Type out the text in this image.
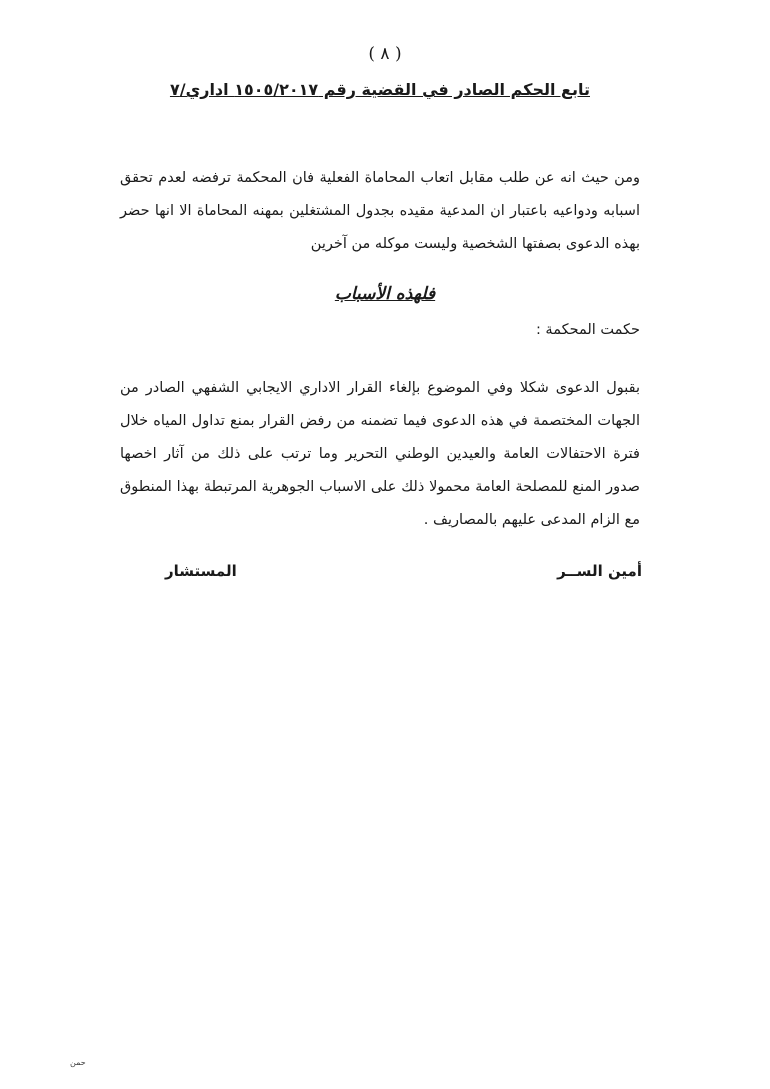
( ٨ )
تابع الحكم الصادر في القضية رقم ١٥٠٥/٢٠١٧ اداري/٧
ومن حيث انه عن طلب مقابل اتعاب المحاماة الفعلية فان المحكمة ترفضه لعدم تحقق اسبابه ودواعيه باعتبار ان المدعية مقيده بجدول المشتغلين بمهنه المحاماة الا انها حضر بهذه الدعوى بصفتها الشخصية وليست موكله من آخرين
فلهذه الأسباب
حكمت المحكمة :
بقبول الدعوى شكلا وفي الموضوع بإلغاء القرار الاداري الايجابي الشفهي الصادر من الجهات المختصمة في هذه الدعوى فيما تضمنه من رفض القرار بمنع تداول المياه خلال فترة الاحتفالات العامة والعيدين الوطني التحرير وما ترتب على ذلك من آثار اخصها صدور المنع للمصلحة العامة محمولا ذلك على الاسباب الجوهرية المرتبطة بهذا المنطوق مع الزام المدعى عليهم بالمصاريف .
أمين الســر
المستشار
حمن
